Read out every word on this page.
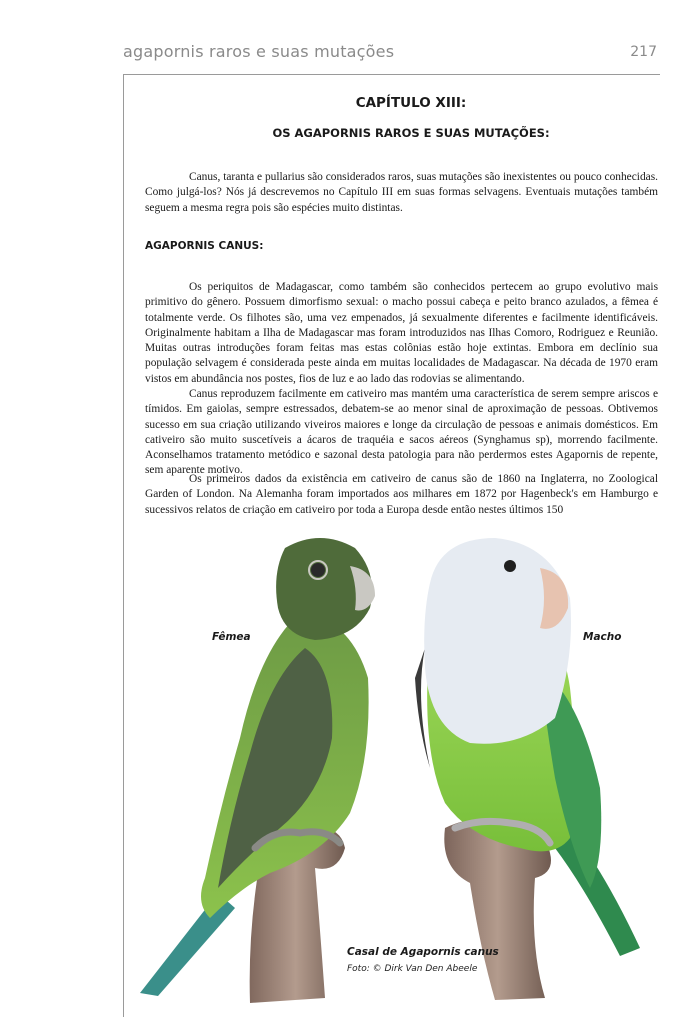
agapornis raros e suas mutações	217
CAPÍTULO XIII:
OS AGAPORNIS RAROS E SUAS MUTAÇÕES:

Canus, taranta e pullarius são considerados raros, suas mutações são inexistentes ou pouco conhecidas. Como julgá-los? Nós já descrevemos no Capítulo III em suas formas selvagens. Eventuais mutações também seguem a mesma regra pois são espécies muito distintas.

AGAPORNIS CANUS:

Os periquitos de Madagascar, como também são conhecidos pertecem ao grupo evolutivo mais primitivo do gênero. Possuem dimorfismo sexual: o macho possui cabeça e peito branco azulados, a fêmea é totalmente verde. Os filhotes são, uma vez empenados, já sexualmente diferentes e facilmente identificáveis. Originalmente habitam a Ilha de Madagascar mas foram introduzidos nas Ilhas Comoro, Rodriguez e Reunião. Muitas outras introduções foram feitas mas estas colônias estão hoje extintas. Embora em declínio sua população selvagem é considerada peste ainda em muitas localidades de Madagascar. Na década de 1970 eram vistos em abundância nos postes, fios de luz e ao lado das rodovias se alimentando.

Canus reproduzem facilmente em cativeiro mas mantém uma característica de serem sempre ariscos e tímidos. Em gaiolas, sempre estressados, debatem-se ao menor sinal de aproximação de pessoas. Obtivemos sucesso em sua criação utilizando viveiros maiores e longe da circulação de pessoas e animais domésticos. Em cativeiro são muito suscetíveis a ácaros de traquéia e sacos aéreos (Synghamus sp), morrendo facilmente. Aconselhamos tratamento metódico e sazonal desta patologia para não perdermos estes Agapornis de repente, sem aparente motivo.

Os primeiros dados da existência em cativeiro de canus são de 1860 na Inglaterra, no Zoological Garden of London. Na Alemanha foram importados aos milhares em 1872 por Hagenbeck's em Hamburgo e sucessivos relatos de criação em cativeiro por toda a Europa desde então nestes últimos 150

Fêmea	Macho
Casal de Agapornis canus
Foto: © Dirk Van Den Abeele
